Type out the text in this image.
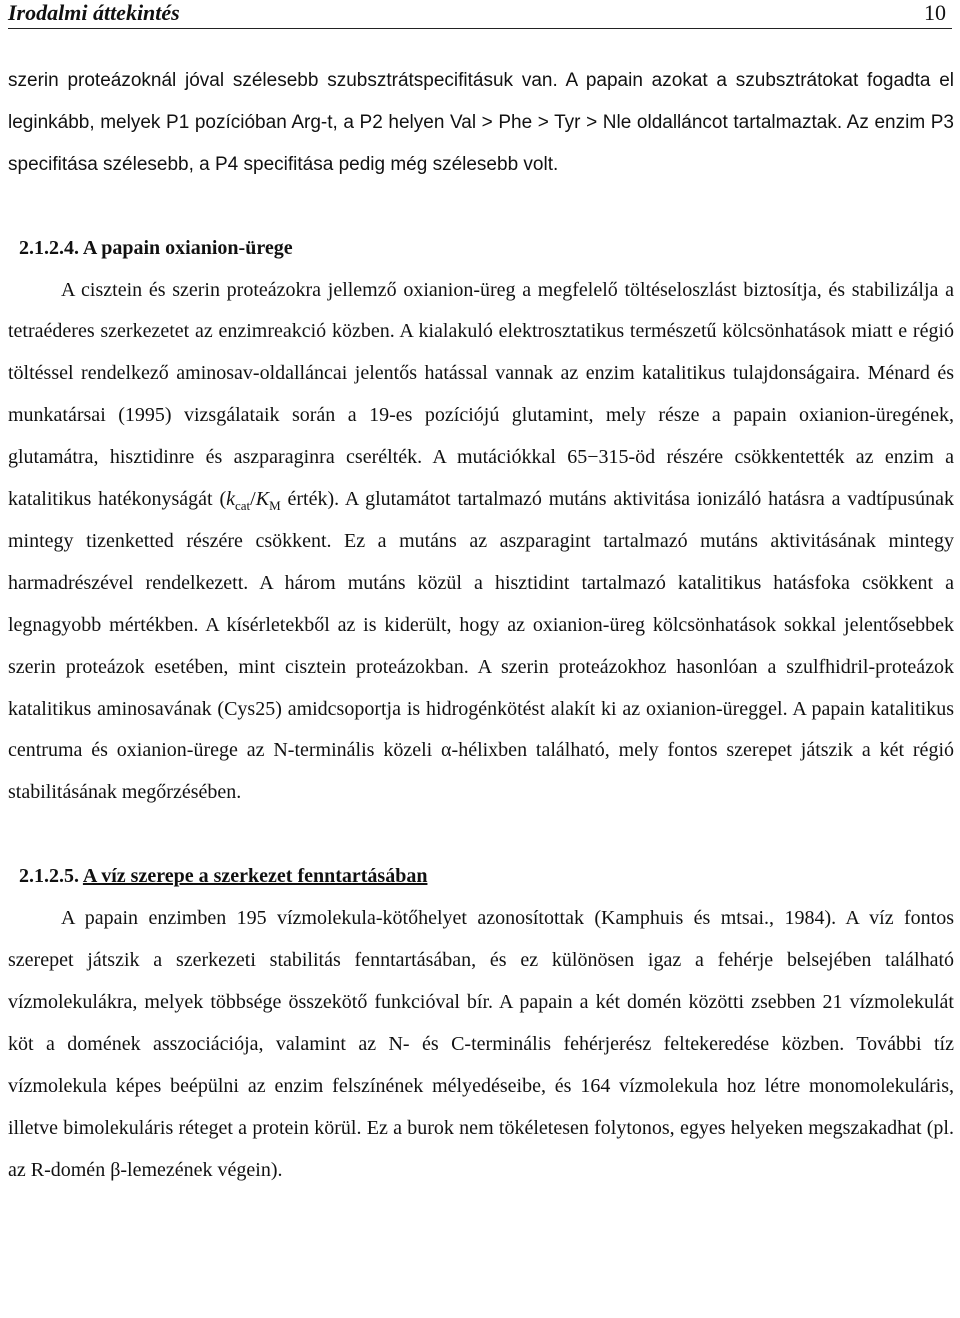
Irodalmi áttekintés	10

szerin proteázoknál jóval szélesebb szubsztrátspecifitásuk van. A papain azokat a szubsztrátokat fogadta el leginkább, melyek P1 pozícióban Arg-t, a P2 helyen Val > Phe > Tyr > Nle oldalláncot tartalmaztak. Az enzim P3 specifitása szélesebb, a P4 specifitása pedig még szélesebb volt.

2.1.2.4. A papain oxianion-ürege

A cisztein és szerin proteázokra jellemző oxianion-üreg a megfelelő töltéseloszlást biztosítja, és stabilizálja a tetraéderes szerkezetet az enzimreakció közben. A kialakuló elektrosztatikus természetű kölcsönhatások miatt e régió töltéssel rendelkező aminosav-oldalláncai jelentős hatással vannak az enzim katalitikus tulajdonságaira. Ménard és munkatársai (1995) vizsgálataik során a 19-es pozíciójú glutamint, mely része a papain oxianion-üregének, glutamátra, hisztidinre és aszparaginra cserélték. A mutációkkal 65−315-öd részére csökkentették az enzim a katalitikus hatékonyságát ($k_{cat}/K_M$ érték). A glutamátot tartalmazó mutáns aktivitása ionizáló hatásra a vadtípusúnak mintegy tizenketted részére csökkent. Ez a mutáns az aszparagint tartalmazó mutáns aktivitásának mintegy harmadrészével rendelkezett. A három mutáns közül a hisztidint tartalmazó katalitikus hatásfoka csökkent a legnagyobb mértékben. A kísérletekből az is kiderült, hogy az oxianion-üreg kölcsönhatások sokkal jelentősebbek szerin proteázok esetében, mint cisztein proteázokban. A szerin proteázokhoz hasonlóan a szulfhidril-proteázok katalitikus aminosavának (Cys25) amidcsoportja is hidrogénkötést alakít ki az oxianion-üreggel. A papain katalitikus centruma és oxianion-ürege az N-terminális közeli α-hélixben található, mely fontos szerepet játszik a két régió stabilitásának megőrzésében.

2.1.2.5. A víz szerepe a szerkezet fenntartásában

A papain enzimben 195 vízmolekula-kötőhelyet azonosítottak (Kamphuis és mtsai., 1984). A víz fontos szerepet játszik a szerkezeti stabilitás fenntartásában, és ez különösen igaz a fehérje belsejében található vízmolekulákra, melyek többsége összekötő funkcióval bír. A papain a két domén közötti zsebben 21 vízmolekulát köt a domének asszociációja, valamint az N- és C-terminális fehérjerész feltekeredése közben. További tíz vízmolekula képes beépülni az enzim felszínének mélyedéseibe, és 164 vízmolekula hoz létre monomolekuláris, illetve bimolekuláris réteget a protein körül. Ez a burok nem tökéletesen folytonos, egyes helyeken megszakadhat (pl. az R-domén β-lemezének végein).
